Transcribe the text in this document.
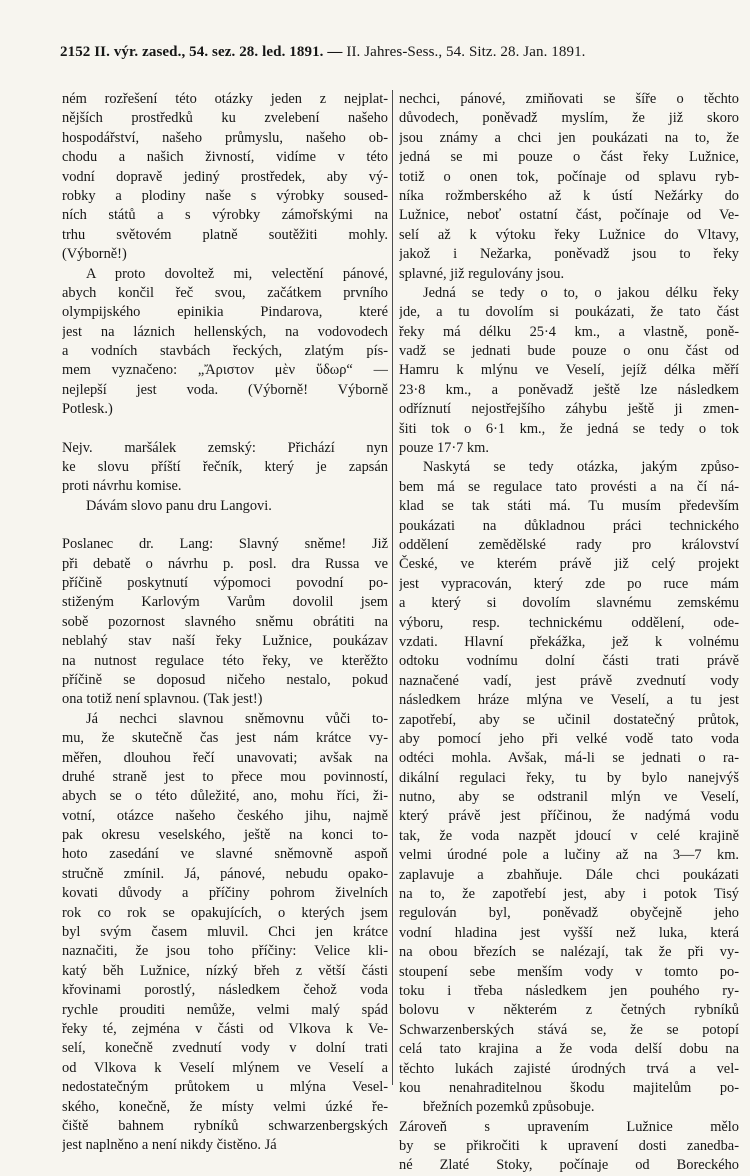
2152 II. výr. zased., 54. sez. 28. led. 1891. — II. Jahres-Sess., 54. Sitz. 28. Jan. 1891.
ném rozřešení této otázky jeden z nejplat-
nějších prostředků ku zvelebení našeho
hospodářství, našeho průmyslu, našeho ob-
chodu a našich živností, vidíme v této
vodní dopravě jediný prostředek, aby vý-
robky a plodiny naše s výrobky soused-
ních států a s výrobky zámořskými na
trhu světovém platně soutěžiti mohly.
(Výborně!)
A proto dovoltež mi, velectění pánové,
abych končil řeč svou, začátkem prvního
olympijského epinikia Pindarova, které
jest na láznich hellenských, na vodovodech
a vodních stavbách řeckých, zlatým pís-
mem vyznačeno: „Ἄριστον μὲν ὕδωρ“ —
nejlepší jest voda. (Výborně! Výborně
Potlesk.)
Nejv. maršálek zemský: Přichází nyn
ke slovu příští řečník, který je zapsán
proti návrhu komise.
Dávám slovo panu dru Langovi.
Poslanec dr. Lang: Slavný sněme! Již
při debatě o návrhu p. posl. dra Russa ve
příčině poskytnutí výpomoci povodní po-
stiženým Karlovým Varům dovolil jsem
sobě pozornost slavného sněmu obrátiti na
neblahý stav naší řeky Lužnice, poukázav
na nutnost regulace této řeky, ve kterěžto
příčině se doposud ničeho nestalo, pokud
ona totiž není splavnou. (Tak jest!)
Já nechci slavnou sněmovnu vůči to-
mu, že skutečně čas jest nám krátce vy-
měřen, dlouhou řečí unavovati; avšak na
druhé straně jest to přece mou povinností,
abych se o této důležité, ano, mohu říci, ži-
votní, otázce našeho českého jihu, najmě
pak okresu veselského, ještě na konci to-
hoto zasedání ve slavné sněmovně aspoň
stručně zmínil. Já, pánové, nebudu opako-
kovati důvody a příčiny pohrom živelních
rok co rok se opakujících, o kterých jsem
byl svým časem mluvil. Chci jen krátce
naznačiti, že jsou toho příčiny: Velice kli-
katý běh Lužnice, nízký břeh z větší části
křovinami porostlý, následkem čehož voda
rychle prouditi nemůže, velmi malý spád
řeky té, zejména v části od Vlkova k Ve-
selí, konečně zvednutí vody v dolní trati
od Vlkova k Veselí mlýnem ve Veselí a
nedostatečným průtokem u mlýna Vesel-
ského, konečně, že místy velmi úzké ře-
čiště bahnem rybníků schwarzenbergských
jest naplněno a není nikdy čistěno. Já
nechci, pánové, zmiňovati se šíře o těchto
důvodech, poněvadž myslím, že již skoro
jsou známy a chci jen poukázati na to, že
jedná se mi pouze o část řeky Lužnice,
totiž o onen tok, počínaje od splavu ryb-
níka rožmberského až k ústí Nežárky do
Lužnice, neboť ostatní část, počínaje od Ve-
selí až k výtoku řeky Lužnice do Vltavy,
jakož i Nežarka, poněvadž jsou to řeky
splavné, již regulovány jsou.
Jedná se tedy o to, o jakou délku řeky
jde, a tu dovolím si poukázati, že tato část
řeky má délku 25·4 km., a vlastně, poně-
vadž se jednati bude pouze o onu část od
Hamru k mlýnu ve Veselí, jejíž délka měří
23·8 km., a poněvadž ještě lze následkem
odříznutí nejostřejšího záhybu ještě ji zmen-
šiti tok o 6·1 km., že jedná se tedy o tok
pouze 17·7 km.
Naskytá se tedy otázka, jakým způso-
bem má se regulace tato provésti a na čí ná-
klad se tak státi má. Tu musím především
poukázati na důkladnou práci technického
oddělení zemědělské rady pro království
České, ve kterém právě již celý projekt
jest vypracován, který zde po ruce mám
a který si dovolím slavnému zemskému
výboru, resp. technickému oddělení, ode-
vzdati. Hlavní překážka, jež k volnému
odtoku vodnímu dolní části trati právě
naznačené vadí, jest právě zvednutí vody
následkem hráze mlýna ve Veselí, a tu jest
zapotřebí, aby se učinil dostatečný průtok,
aby pomocí jeho při velké vodě tato voda
odtéci mohla. Avšak, má-li se jednati o ra-
dikální regulaci řeky, tu by bylo nanejvýš
nutno, aby se odstranil mlýn ve Veselí,
který právě jest příčinou, že nadýmá vodu
tak, že voda nazpět jdoucí v celé krajině
velmi úrodné pole a lučiny až na 3—7 km.
zaplavuje a zbahňuje. Dále chci poukázati
na to, že zapotřebí jest, aby i potok Tisý
regulován byl, poněvadž obyčejně jeho
vodní hladina jest vyšší než luka, která
na obou březích se nalézají, tak že při vy-
stoupení sebe menším vody v tomto po-
toku i třeba následkem jen pouhého ry-
bolovu v některém z četných rybníků
Schwarzenberských stává se, že se potopí
celá tato krajina a že voda delší dobu na
těchto lukách zajisté úrodných trvá a vel-
kou nenahraditelnou škodu majitelům po-
břežních pozemků způsobuje.
Zároveň s upravením Lužnice mělo
by se přikročiti k upravení dosti zanedba-
né Zlaté Stoky, počínaje od Boreckého
